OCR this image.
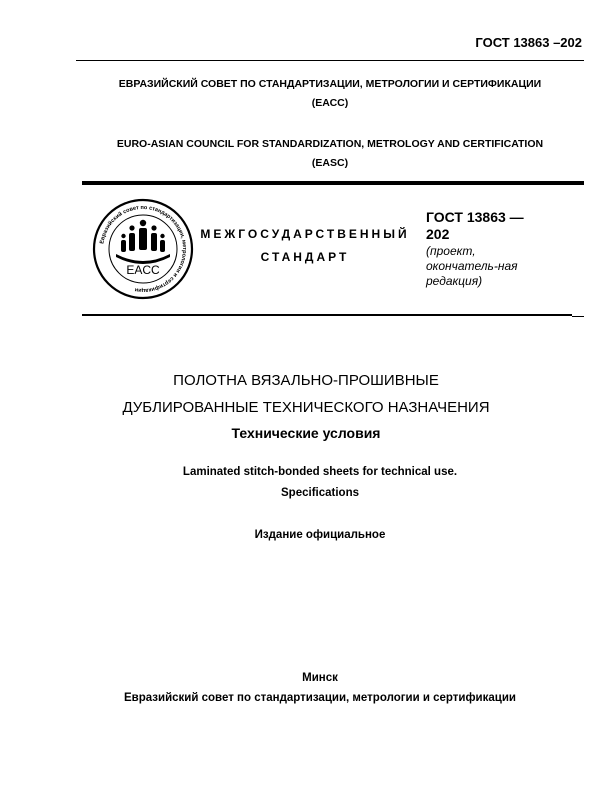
ГОСТ 13863 –202
ЕВРАЗИЙСКИЙ СОВЕТ ПО СТАНДАРТИЗАЦИИ, МЕТРОЛОГИИ И СЕРТИФИКАЦИИ
(ЕАСС)
EURO-ASIAN COUNCIL FOR STANDARDIZATION, METROLOGY AND CERTIFICATION
(EASC)
Евразийский совет по стандартизации, метрологии и сертификации
EACC
МЕЖГОСУДАРСТВЕННЫЙ
СТАНДАРТ
ГОСТ 13863 —
202
(проект, окончатель-ная редакция)
ПОЛОТНА ВЯЗАЛЬНО-ПРОШИВНЫЕ
ДУБЛИРОВАННЫЕ ТЕХНИЧЕСКОГО НАЗНАЧЕНИЯ
Технические условия
Laminated stitch-bonded sheets for technical use.
Specifications
Издание официальное
Минск
Евразийский совет по стандартизации, метрологии и сертификации
